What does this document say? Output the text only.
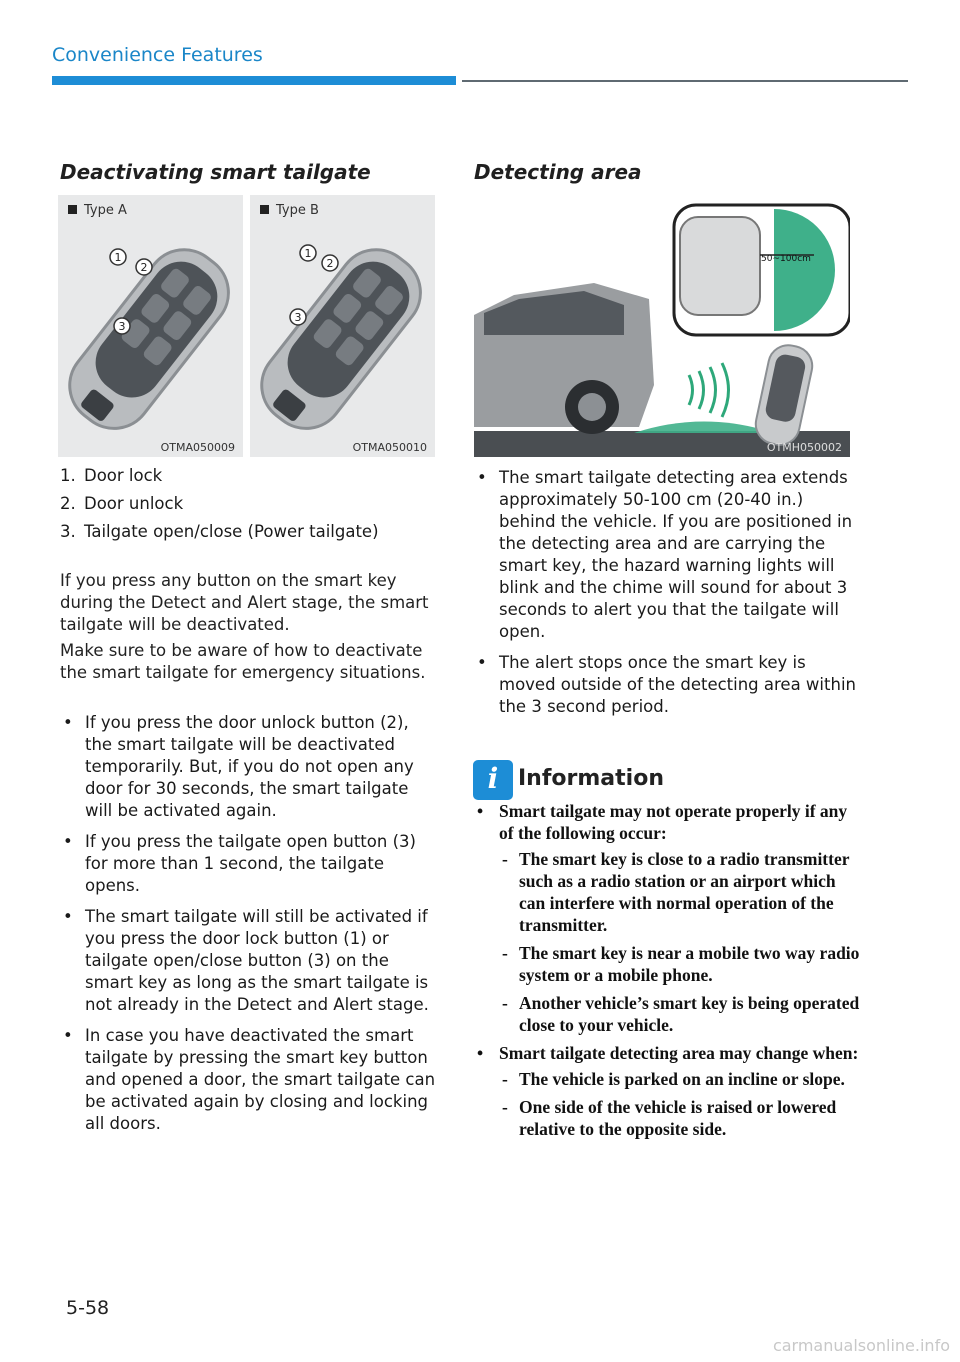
Convenience Features
Deactivating smart tailgate
Type A
1
2
3
OTMA050009
Type B
1
2
3
OTMA050010
1. Door lock
2. Door unlock
3. Tailgate open/close (Power tailgate)

If you press any button on the smart key during the Detect and Alert stage, the smart tailgate will be deactivated.

Make sure to be aware of how to deactivate the smart tailgate for emergency situations.

• If you press the door unlock button (2), the smart tailgate will be deactivated temporarily. But, if you do not open any door for 30 seconds, the smart tailgate will be activated again.
• If you press the tailgate open button (3) for more than 1 second, the tailgate opens.
• The smart tailgate will still be activated if you press the door lock button (1) or tailgate open/close button (3) on the smart key as long as the smart tailgate is not already in the Detect and Alert stage.
• In case you have deactivated the smart tailgate by pressing the smart key button and opened a door, the smart tailgate can be activated again by closing and locking all doors.
Detecting area
50~100cm
OTMH050002
• The smart tailgate detecting area extends approximately 50-100 cm (20-40 in.) behind the vehicle. If you are positioned in the detecting area and are carrying the smart key, the hazard warning lights will blink and the chime will sound for about 3 seconds to alert you that the tailgate will open.
• The alert stops once the smart key is moved outside of the detecting area within the 3 second period.
i Information
• Smart tailgate may not operate properly if any of the following occur:
- The smart key is close to a radio transmitter such as a radio station or an airport which can interfere with normal operation of the transmitter.
- The smart key is near a mobile two way radio system or a mobile phone.
- Another vehicle’s smart key is being operated close to your vehicle.
• Smart tailgate detecting area may change when:
- The vehicle is parked on an incline or slope.
- One side of the vehicle is raised or lowered relative to the opposite side.
5-58
carmanualsonline.info
